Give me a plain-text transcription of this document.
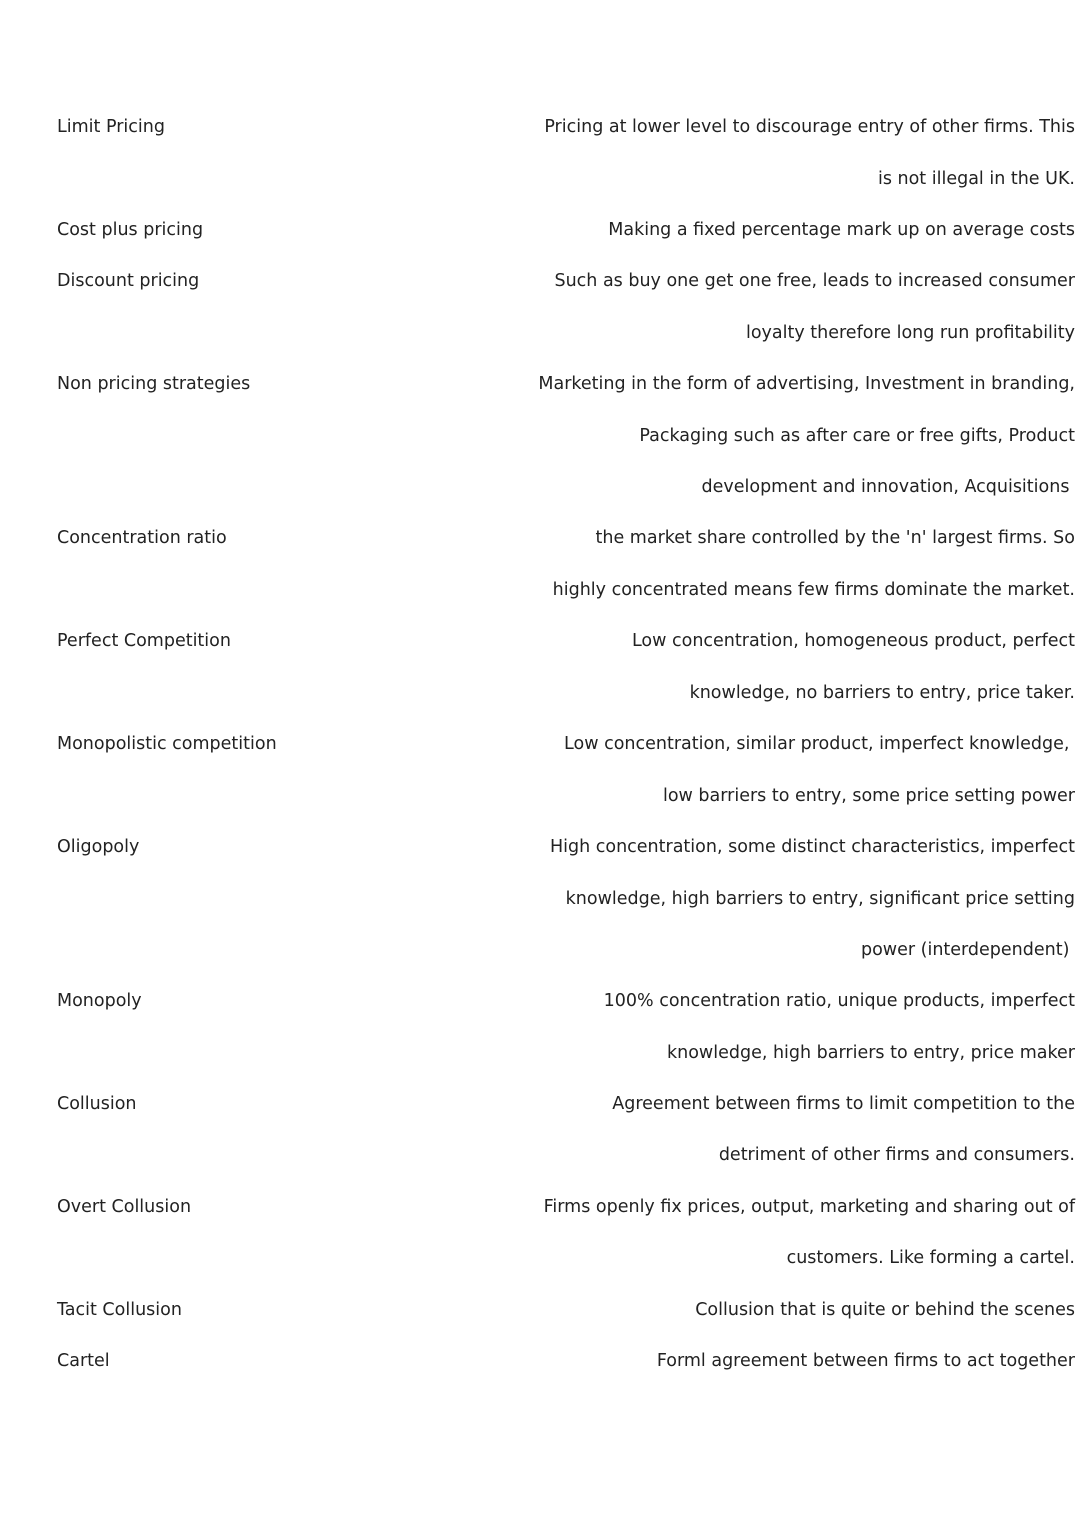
Limit Pricing	Pricing at lower level to discourage entry of other firms. This
is not illegal in the UK.
Cost plus pricing	Making a fixed percentage mark up on average costs
Discount pricing	Such as buy one get one free, leads to increased consumer
loyalty therefore long run profitability
Non pricing strategies	Marketing in the form of advertising, Investment in branding,
Packaging such as after care or free gifts, Product
development and innovation, Acquisitions
Concentration ratio	the market share controlled by the 'n' largest firms. So
highly concentrated means few firms dominate the market.
Perfect Competition	Low concentration, homogeneous product, perfect
knowledge, no barriers to entry, price taker.
Monopolistic competition	Low concentration, similar product, imperfect knowledge,
low barriers to entry, some price setting power
Oligopoly	High concentration, some distinct characteristics, imperfect
knowledge, high barriers to entry, significant price setting
power (interdependent)
Monopoly	100% concentration ratio, unique products, imperfect
knowledge, high barriers to entry, price maker
Collusion	Agreement between firms to limit competition to the
detriment of other firms and consumers.
Overt Collusion	Firms openly fix prices, output, marketing and sharing out of
customers. Like forming a cartel.
Tacit Collusion	Collusion that is quite or behind the scenes
Cartel	Forml agreement between firms to act together
